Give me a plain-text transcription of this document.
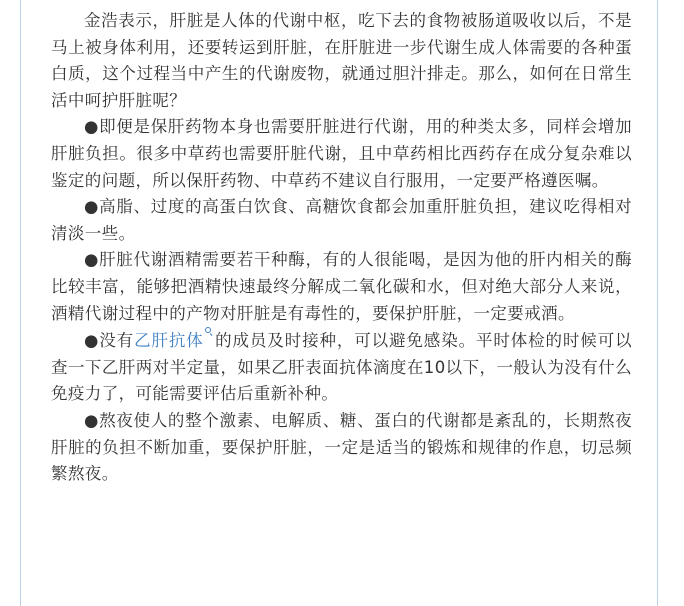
金浩表示，肝脏是人体的代谢中枢，吃下去的食物被肠道吸收以后，不是马上被身体利用，还要转运到肝脏，在肝脏进一步代谢生成人体需要的各种蛋白质，这个过程当中产生的代谢废物，就通过胆汁排走。那么，如何在日常生活中呵护肝脏呢？

●即便是保肝药物本身也需要肝脏进行代谢，用的种类太多，同样会增加肝脏负担。很多中草药也需要肝脏代谢，且中草药相比西药存在成分复杂难以鉴定的问题，所以保肝药物、中草药不建议自行服用，一定要严格遵医嘱。

●高脂、过度的高蛋白饮食、高糖饮食都会加重肝脏负担，建议吃得相对清淡一些。

●肝脏代谢酒精需要若干种酶，有的人很能喝，是因为他的肝内相关的酶比较丰富，能够把酒精快速最终分解成二氧化碳和水，但对绝大部分人来说，酒精代谢过程中的产物对肝脏是有毒性的，要保护肝脏，一定要戒酒。

●没有乙肝抗体 的成员及时接种，可以避免感染。平时体检的时候可以查一下乙肝两对半定量，如果乙肝表面抗体滴度在10以下，一般认为没有什么免疫力了，可能需要评估后重新补种。

●熬夜使人的整个激素、电解质、糖、蛋白的代谢都是紊乱的，长期熬夜肝脏的负担不断加重，要保护肝脏，一定是适当的锻炼和规律的作息，切忌频繁熬夜。
